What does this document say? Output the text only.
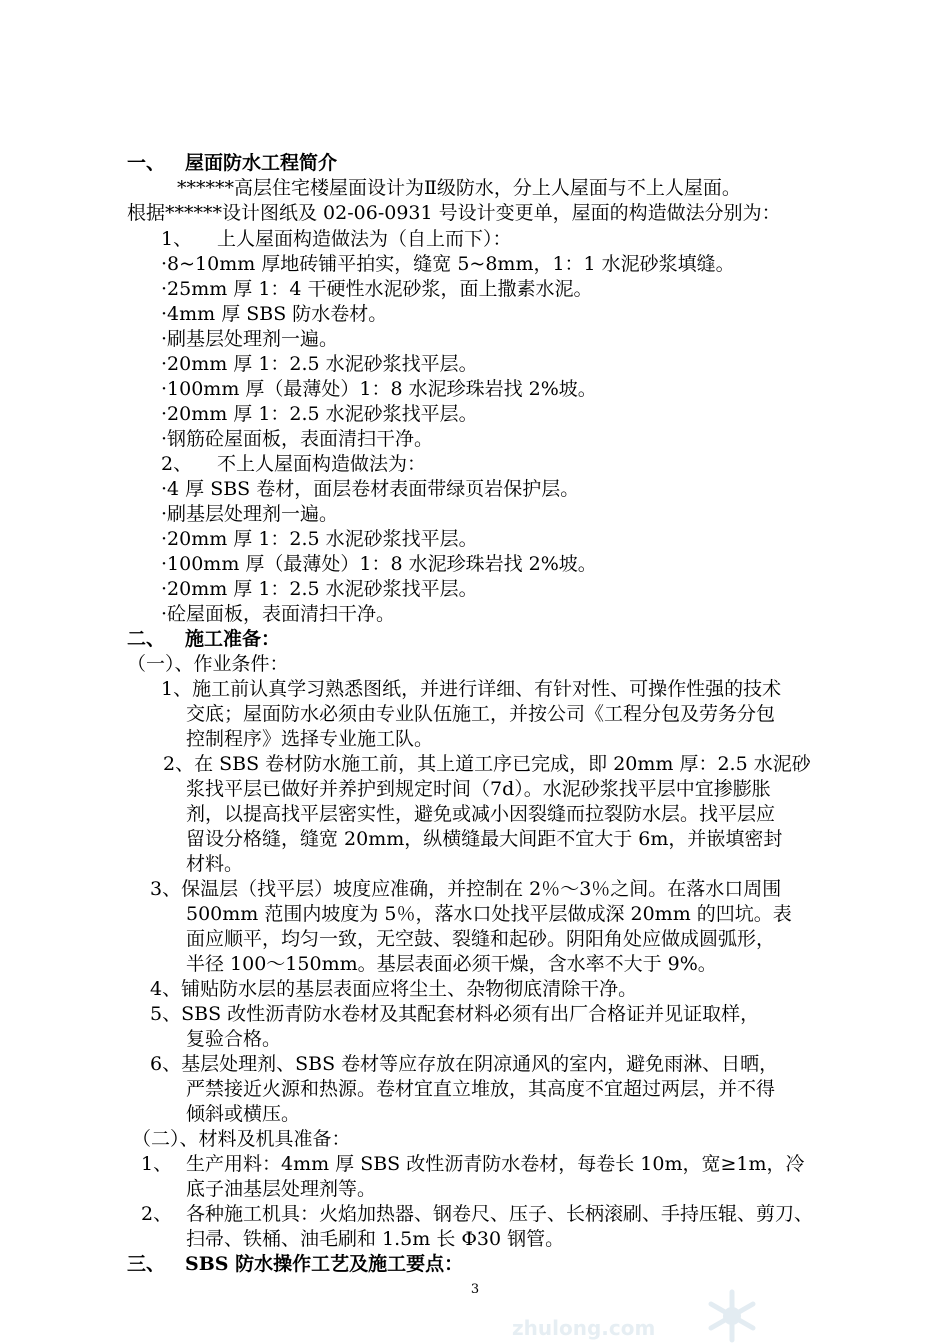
一、 屋面防水工程简介
******高层住宅楼屋面设计为Ⅱ级防水，分上人屋面与不上人屋面。
根据******设计图纸及 02-06-0931 号设计变更单，屋面的构造做法分别为：
1、 上人屋面构造做法为（自上而下）：
·8~10mm 厚地砖铺平拍实，缝宽 5~8mm，1：1 水泥砂浆填缝。
·25mm 厚 1：4 干硬性水泥砂浆，面上撒素水泥。
·4mm 厚 SBS 防水卷材。
·刷基层处理剂一遍。
·20mm 厚 1：2.5 水泥砂浆找平层。
·100mm 厚（最薄处）1：8 水泥珍珠岩找 2%坡。
·20mm 厚 1：2.5 水泥砂浆找平层。
·钢筋砼屋面板，表面清扫干净。
2、 不上人屋面构造做法为：
·4 厚 SBS 卷材，面层卷材表面带绿页岩保护层。
·刷基层处理剂一遍。
·20mm 厚 1：2.5 水泥砂浆找平层。
·100mm 厚（最薄处）1：8 水泥珍珠岩找 2%坡。
·20mm 厚 1：2.5 水泥砂浆找平层。
·砼屋面板，表面清扫干净。
二、 施工准备：
（一）、作业条件：
1、施工前认真学习熟悉图纸，并进行详细、有针对性、可操作性强的技术
交底；屋面防水必须由专业队伍施工，并按公司《工程分包及劳务分包
控制程序》选择专业施工队。
2、在 SBS 卷材防水施工前，其上道工序已完成，即 20mm 厚：2.5 水泥砂
浆找平层已做好并养护到规定时间（7d）。水泥砂浆找平层中宜掺膨胀
剂，以提高找平层密实性，避免或减小因裂缝而拉裂防水层。找平层应
留设分格缝，缝宽 20mm，纵横缝最大间距不宜大于 6m，并嵌填密封
材料。
3、保温层（找平层）坡度应准确，并控制在 2％～3％之间。在落水口周围
500mm 范围内坡度为 5％，落水口处找平层做成深 20mm 的凹坑。表
面应顺平，均匀一致，无空鼓、裂缝和起砂。阴阳角处应做成圆弧形，
半径 100～150mm。基层表面必须干燥，含水率不大于 9%。
4、铺贴防水层的基层表面应将尘土、杂物彻底清除干净。
5、SBS 改性沥青防水卷材及其配套材料必须有出厂合格证并见证取样，
复验合格。
6、基层处理剂、SBS 卷材等应存放在阴凉通风的室内，避免雨淋、日晒，
严禁接近火源和热源。卷材宜直立堆放，其高度不宜超过两层，并不得
倾斜或横压。
（二）、材料及机具准备：
1、 生产用料：4mm 厚 SBS 改性沥青防水卷材，每卷长 10m，宽≥1m，冷
底子油基层处理剂等。
2、 各种施工机具：火焰加热器、钢卷尺、压子、长柄滚刷、手持压辊、剪刀、
扫帚、铁桶、油毛刷和 1.5m 长 Φ30 钢管。
三、 SBS 防水操作工艺及施工要点：
3
zhulong.com
